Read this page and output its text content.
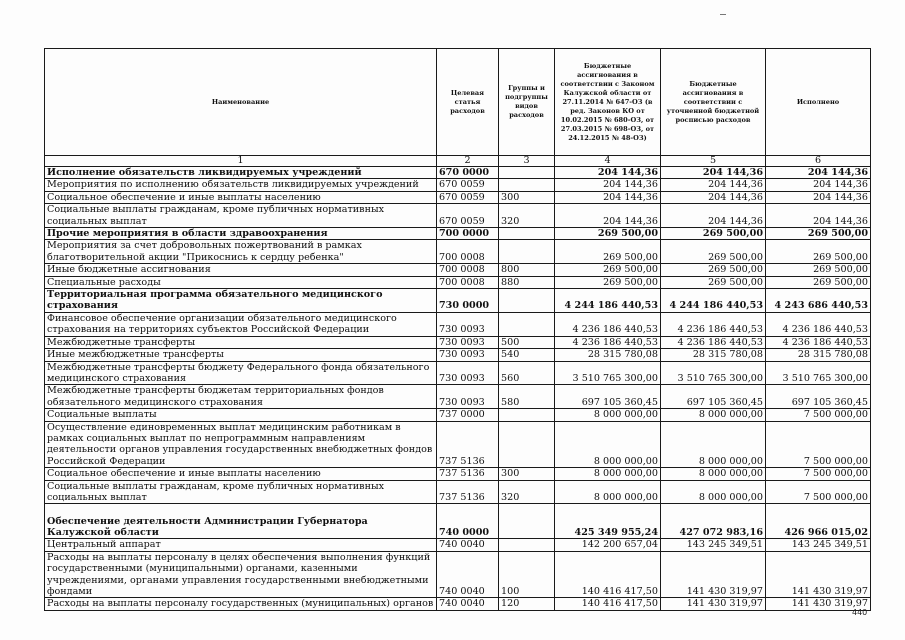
Наименование	Целевая статья расходов	Группы и подгруппы видов расходов	Бюджетные ассигнования в соответствии с Законом Калужской области от 27.11.2014 № 647-ОЗ (в ред. Законов КО от 10.02.2015 № 680-ОЗ, от 27.03.2015 № 698-ОЗ, от 24.12.2015 № 48-ОЗ)	Бюджетные ассигнования в соответствии с уточненной бюджетной росписью расходов	Исполнено
1	2	3	4	5	6
Исполнение обязательств ликвидируемых учреждений	670 0000		204 144,36	204 144,36	204 144,36
Мероприятия по исполнению обязательств ликвидируемых учреждений	670 0059		204 144,36	204 144,36	204 144,36
Социальное обеспечение и иные выплаты населению	670 0059	300	204 144,36	204 144,36	204 144,36
Социальные выплаты гражданам, кроме публичных нормативных социальных выплат	670 0059	320	204 144,36	204 144,36	204 144,36
Прочие мероприятия в области здравоохранения	700 0000		269 500,00	269 500,00	269 500,00
Мероприятия за счет добровольных пожертвований в рамках благотворительной акции "Прикоснись к сердцу ребенка"	700 0008		269 500,00	269 500,00	269 500,00
Иные бюджетные ассигнования	700 0008	800	269 500,00	269 500,00	269 500,00
Специальные расходы	700 0008	880	269 500,00	269 500,00	269 500,00
Территориальная программа обязательного медицинского страхования	730 0000		4 244 186 440,53	4 244 186 440,53	4 243 686 440,53
Финансовое обеспечение организации обязательного медицинского страхования на территориях субъектов Российской Федерации	730 0093		4 236 186 440,53	4 236 186 440,53	4 236 186 440,53
Межбюджетные трансферты	730 0093	500	4 236 186 440,53	4 236 186 440,53	4 236 186 440,53
Иные межбюджетные трансферты	730 0093	540	28 315 780,08	28 315 780,08	28 315 780,08
Межбюджетные трансферты бюджету Федерального фонда обязательного медицинского страхования	730 0093	560	3 510 765 300,00	3 510 765 300,00	3 510 765 300,00
Межбюджетные трансферты бюджетам территориальных фондов обязательного медицинского страхования	730 0093	580	697 105 360,45	697 105 360,45	697 105 360,45
Социальные выплаты	737 0000		8 000 000,00	8 000 000,00	7 500 000,00
Осуществление единовременных выплат медицинским работникам в рамках социальных выплат по непрограммным направлениям деятельности органов управления государственных внебюджетных фондов Российской Федерации	737 5136		8 000 000,00	8 000 000,00	7 500 000,00
Социальное обеспечение и иные выплаты населению	737 5136	300	8 000 000,00	8 000 000,00	7 500 000,00
Социальные выплаты гражданам, кроме публичных нормативных социальных выплат	737 5136	320	8 000 000,00	8 000 000,00	7 500 000,00
Обеспечение деятельности Администрации Губернатора Калужской области	740 0000		425 349 955,24	427 072 983,16	426 966 015,02
Центральный аппарат	740 0040		142 200 657,04	143 245 349,51	143 245 349,51
Расходы на выплаты персоналу в целях обеспечения выполнения функций государственными (муниципальными) органами, казенными учреждениями, органами управления государственными внебюджетными фондами	740 0040	100	140 416 417,50	141 430 319,97	141 430 319,97
Расходы на выплаты персоналу государственных (муниципальных) органов	740 0040	120	140 416 417,50	141 430 319,97	141 430 319,97
440
